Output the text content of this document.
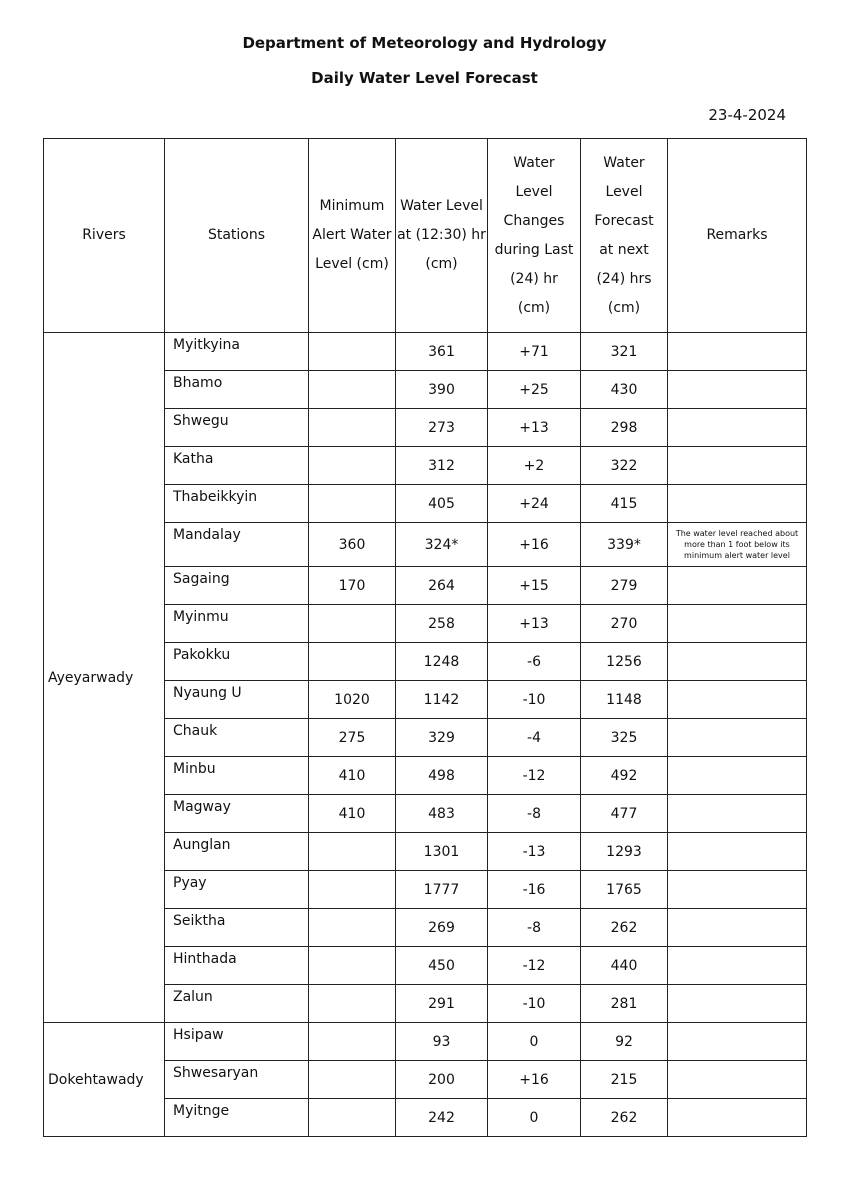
Department of Meteorology and Hydrology
Daily Water Level Forecast
23-4-2024
Rivers	Stations	Minimum Alert Water Level (cm)	Water Level at (12:30) hr (cm)	Water Level Changes during Last (24) hr (cm)	Water Level Forecast at next (24) hrs (cm)	Remarks
Ayeyarwady	Myitkyina		361	+71	321	
	Bhamo		390	+25	430	
	Shwegu		273	+13	298	
	Katha		312	+2	322	
	Thabeikkyin		405	+24	415	
	Mandalay	360	324*	+16	339*	The water level reached about more than 1 foot below its minimum alert water level
	Sagaing	170	264	+15	279	
	Myinmu		258	+13	270	
	Pakokku		1248	-6	1256	
	Nyaung U	1020	1142	-10	1148	
	Chauk	275	329	-4	325	
	Minbu	410	498	-12	492	
	Magway	410	483	-8	477	
	Aunglan		1301	-13	1293	
	Pyay		1777	-16	1765	
	Seiktha		269	-8	262	
	Hinthada		450	-12	440	
	Zalun		291	-10	281	
Dokehtawady	Hsipaw		93	0	92	
	Shwesaryan		200	+16	215	
	Myitnge		242	0	262	
